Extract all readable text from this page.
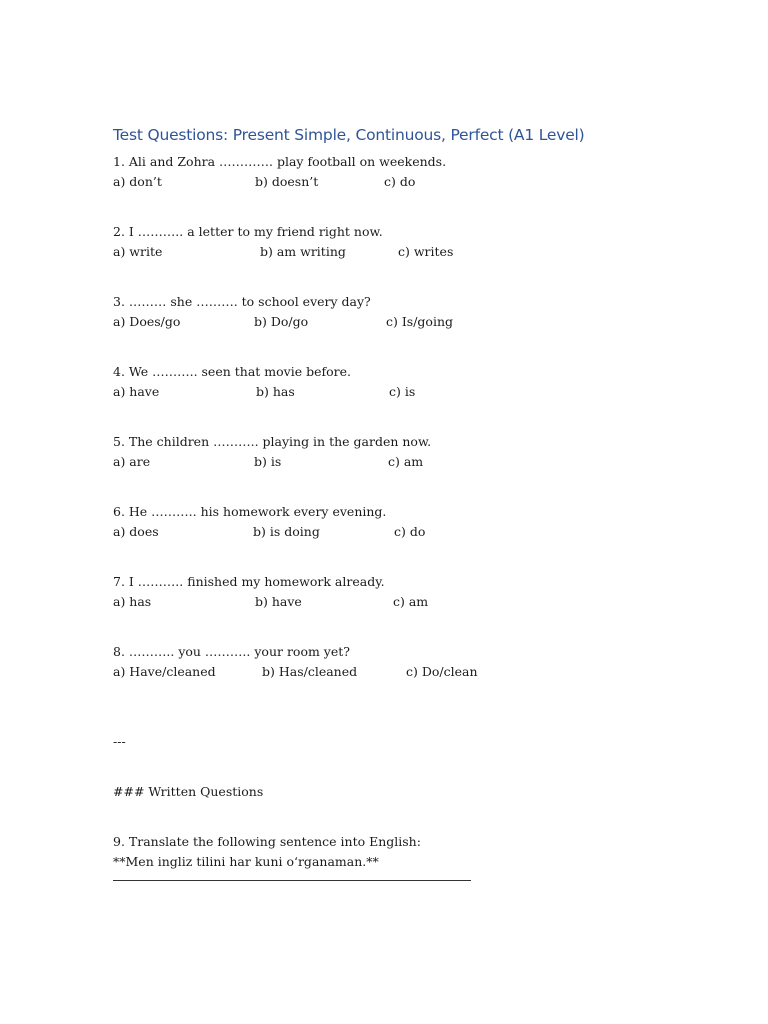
Test Questions: Present Simple, Continuous, Perfect (A1 Level)
1. Ali and Zohra …………. play football on weekends.
a) don’t	b) doesn’t	c) do
2. I ……….. a letter to my friend right now.
a) write	b) am writing	c) writes
3. ……… she ………. to school every day?
a) Does/go	b) Do/go	c) Is/going
4. We ……….. seen that movie before.
a) have	b) has	c) is
5. The children ……….. playing in the garden now.
a) are	b) is	c) am
6. He ……….. his homework every evening.
a) does	b) is doing	c) do
7. I ……….. finished my homework already.
a) has	b) have	c) am
8. ……….. you ……….. your room yet?
a) Have/cleaned	b) Has/cleaned	c) Do/clean
---
### Written Questions
9. Translate the following sentence into English:
**Men ingliz tilini har kuni o‘rganaman.**
